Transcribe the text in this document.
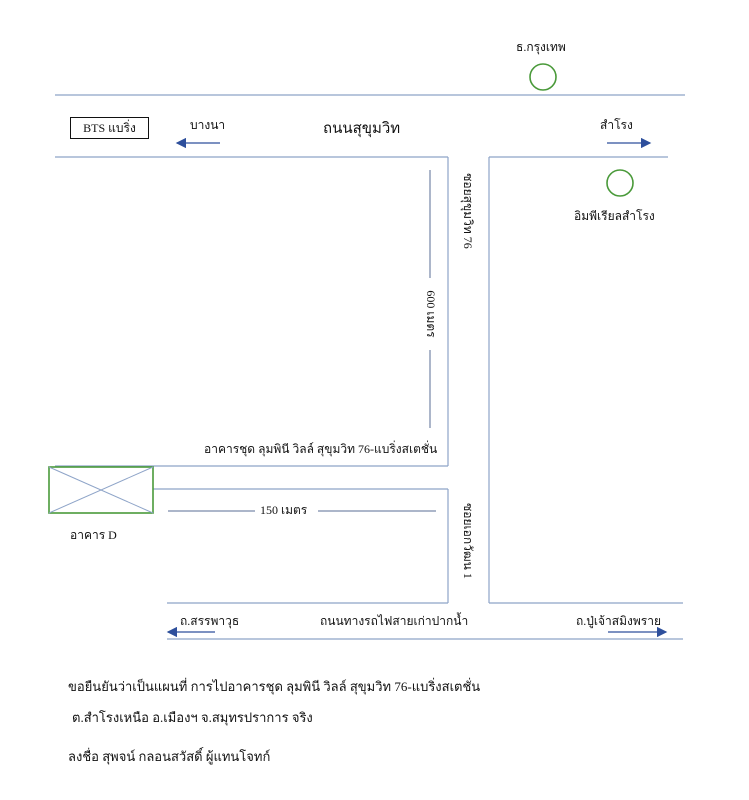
ธ.กรุงเทพ
BTS แบริ่ง	บางนา	ถนนสุขุมวิท	สำโรง
อิมพีเรียลสำโรง
ซอยสุขุมวิท 76
600 เมตร
ซอยเอกวัฒน 1
อาคารชุด ลุมพินี วิลล์ สุขุมวิท 76-แบริ่งสเตชั่น
150 เมตร
อาคาร D
ถ.สรรพาวุธ	ถนนทางรถไฟสายเก่าปากน้ำ	ถ.ปู่เจ้าสมิงพราย
ขอยืนยันว่าเป็นแผนที่ การไปอาคารชุด ลุมพินี วิลล์ สุขุมวิท 76-แบริ่งสเตชั่น
ต.สำโรงเหนือ อ.เมืองฯ จ.สมุทรปราการ จริง
ลงชื่อ สุพจน์ กลอนสวัสดิ์ ผู้แทนโจทก์
